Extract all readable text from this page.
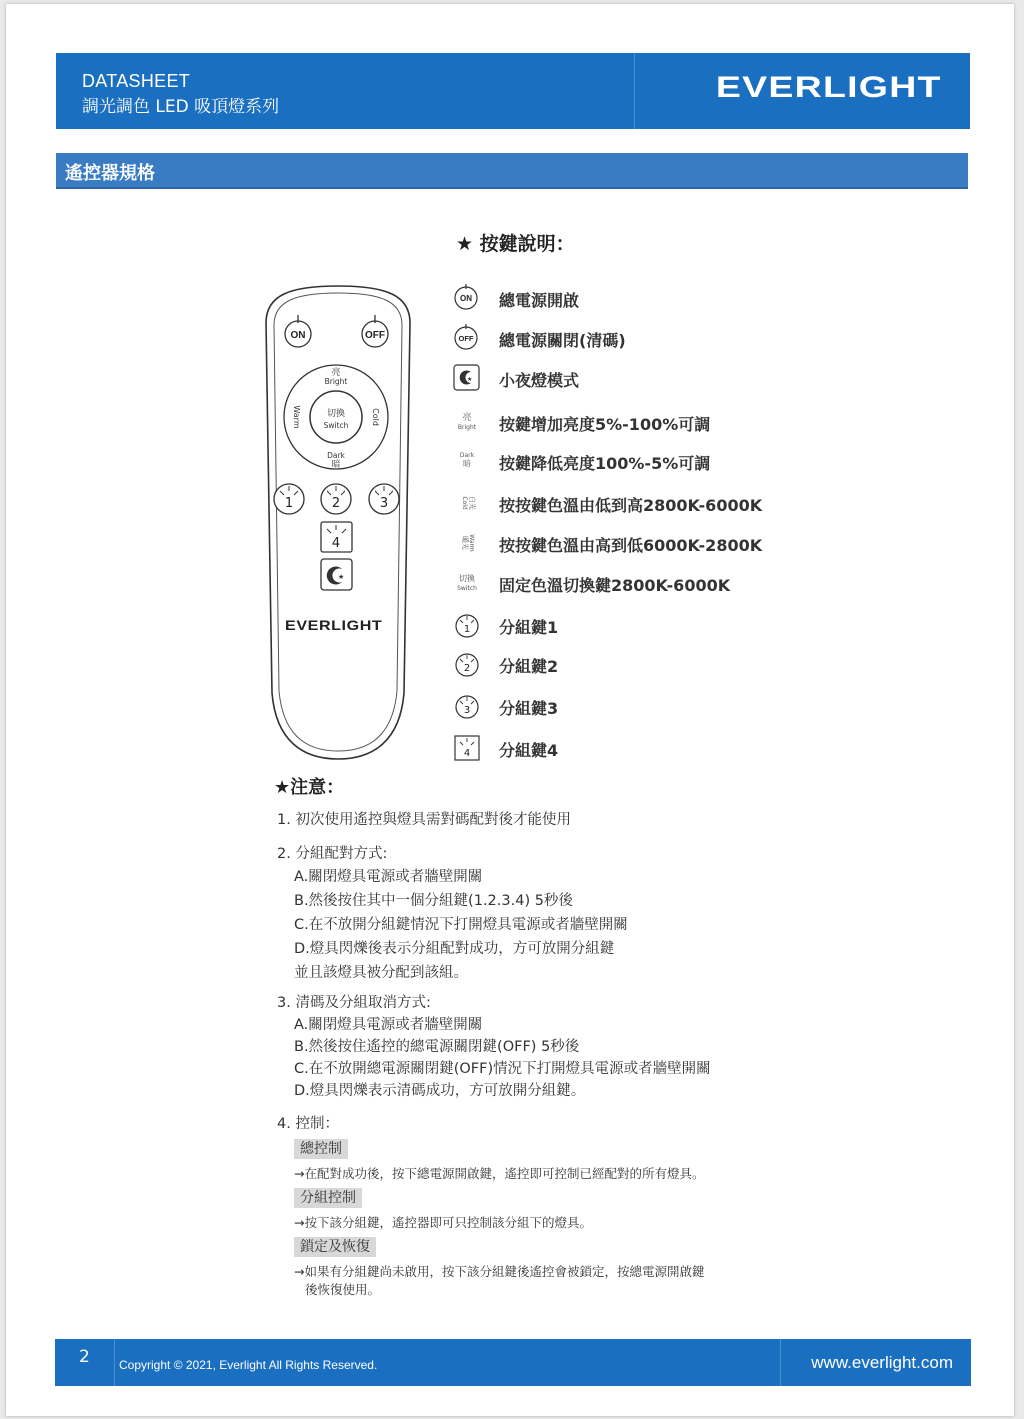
DATASHEET
調光調色 LED 吸頂燈系列
EVERLIGHT
遙控器規格
ON	OFF
亮
Bright
切換
Switch
Dark
暗
Warm	Cold
1	2	3
4
★
EVERLIGHT
★ 按鍵說明：
ON 總電源開啟
OFF 總電源關閉(清碼)
★ 小夜燈模式
亮
Bright 按鍵增加亮度5%-100%可調
Dark
暗 按鍵降低亮度100%-5%可調
Cold 白光 按按鍵色溫由低到高2800K-6000K
暖光 Warm 按按鍵色溫由高到低6000K-2800K
切換
Switch 固定色溫切換鍵2800K-6000K
1 分組鍵1
2 分組鍵2
3 分組鍵3
4 分組鍵4
★注意：
1. 初次使用遙控與燈具需對碼配對後才能使用
2. 分組配對方式:
A.關閉燈具電源或者牆壁開關
B.然後按住其中一個分組鍵(1.2.3.4) 5秒後
C.在不放開分組鍵情況下打開燈具電源或者牆壁開關
D.燈具閃爍後表示分組配對成功，方可放開分組鍵
並且該燈具被分配到該組。
3. 清碼及分組取消方式:
A.關閉燈具電源或者牆壁開關
B.然後按住遙控的總電源關閉鍵(OFF) 5秒後
C.在不放開總電源關閉鍵(OFF)情況下打開燈具電源或者牆壁開關
D.燈具閃爍表示清碼成功，方可放開分組鍵。
4. 控制：
總控制
→在配對成功後，按下總電源開啟鍵，遙控即可控制已經配對的所有燈具。
分組控制
→按下該分組鍵，遙控器即可只控制該分組下的燈具。
鎖定及恢復
→如果有分組鍵尚未啟用，按下該分組鍵後遙控會被鎖定，按總電源開啟鍵
後恢復使用。
2 Copyright © 2021, Everlight All Rights Reserved.	www.everlight.com
